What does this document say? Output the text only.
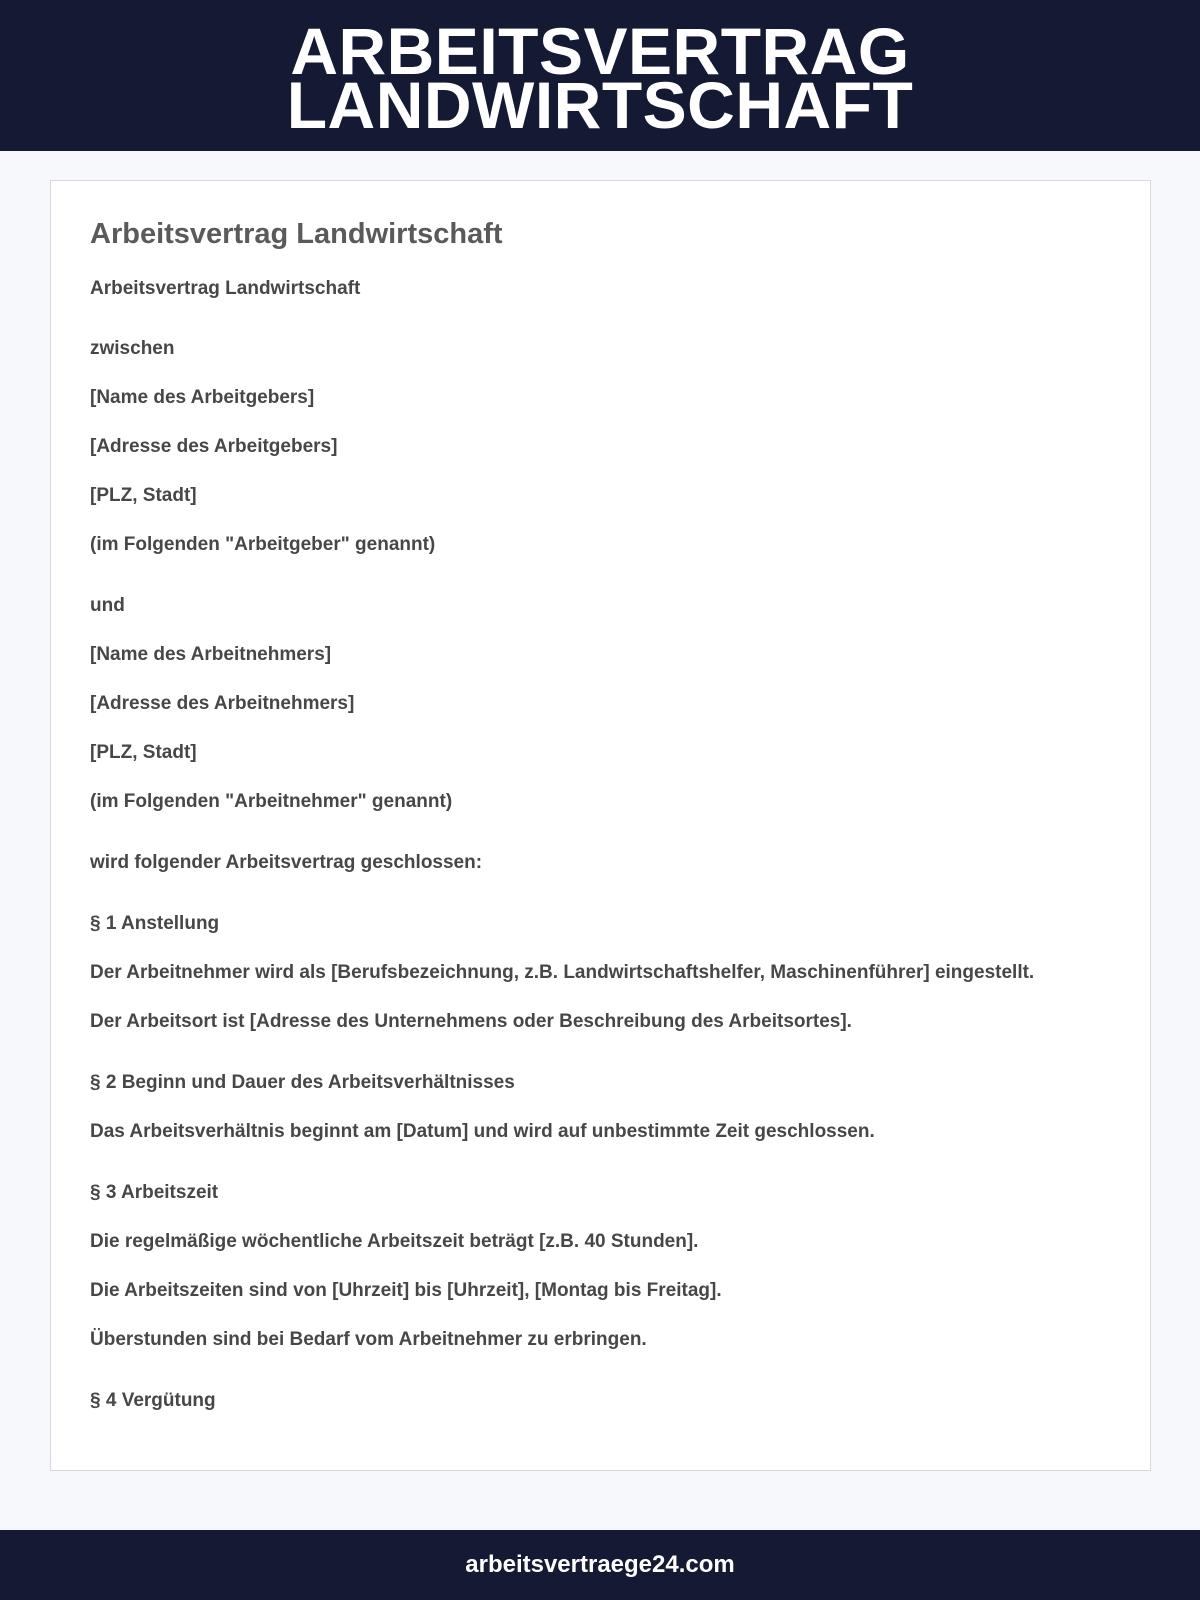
ARBEITSVERTRAG
LANDWIRTSCHAFT
Arbeitsvertrag Landwirtschaft
Arbeitsvertrag Landwirtschaft
zwischen
[Name des Arbeitgebers]
[Adresse des Arbeitgebers]
[PLZ, Stadt]
(im Folgenden "Arbeitgeber" genannt)
und
[Name des Arbeitnehmers]
[Adresse des Arbeitnehmers]
[PLZ, Stadt]
(im Folgenden "Arbeitnehmer" genannt)
wird folgender Arbeitsvertrag geschlossen:
§ 1 Anstellung
Der Arbeitnehmer wird als [Berufsbezeichnung, z.B. Landwirtschaftshelfer, Maschinenführer] eingestellt.
Der Arbeitsort ist [Adresse des Unternehmens oder Beschreibung des Arbeitsortes].
§ 2 Beginn und Dauer des Arbeitsverhältnisses
Das Arbeitsverhältnis beginnt am [Datum] und wird auf unbestimmte Zeit geschlossen.
§ 3 Arbeitszeit
Die regelmäßige wöchentliche Arbeitszeit beträgt [z.B. 40 Stunden].
Die Arbeitszeiten sind von [Uhrzeit] bis [Uhrzeit], [Montag bis Freitag].
Überstunden sind bei Bedarf vom Arbeitnehmer zu erbringen.
§ 4 Vergütung
arbeitsvertraege24.com
